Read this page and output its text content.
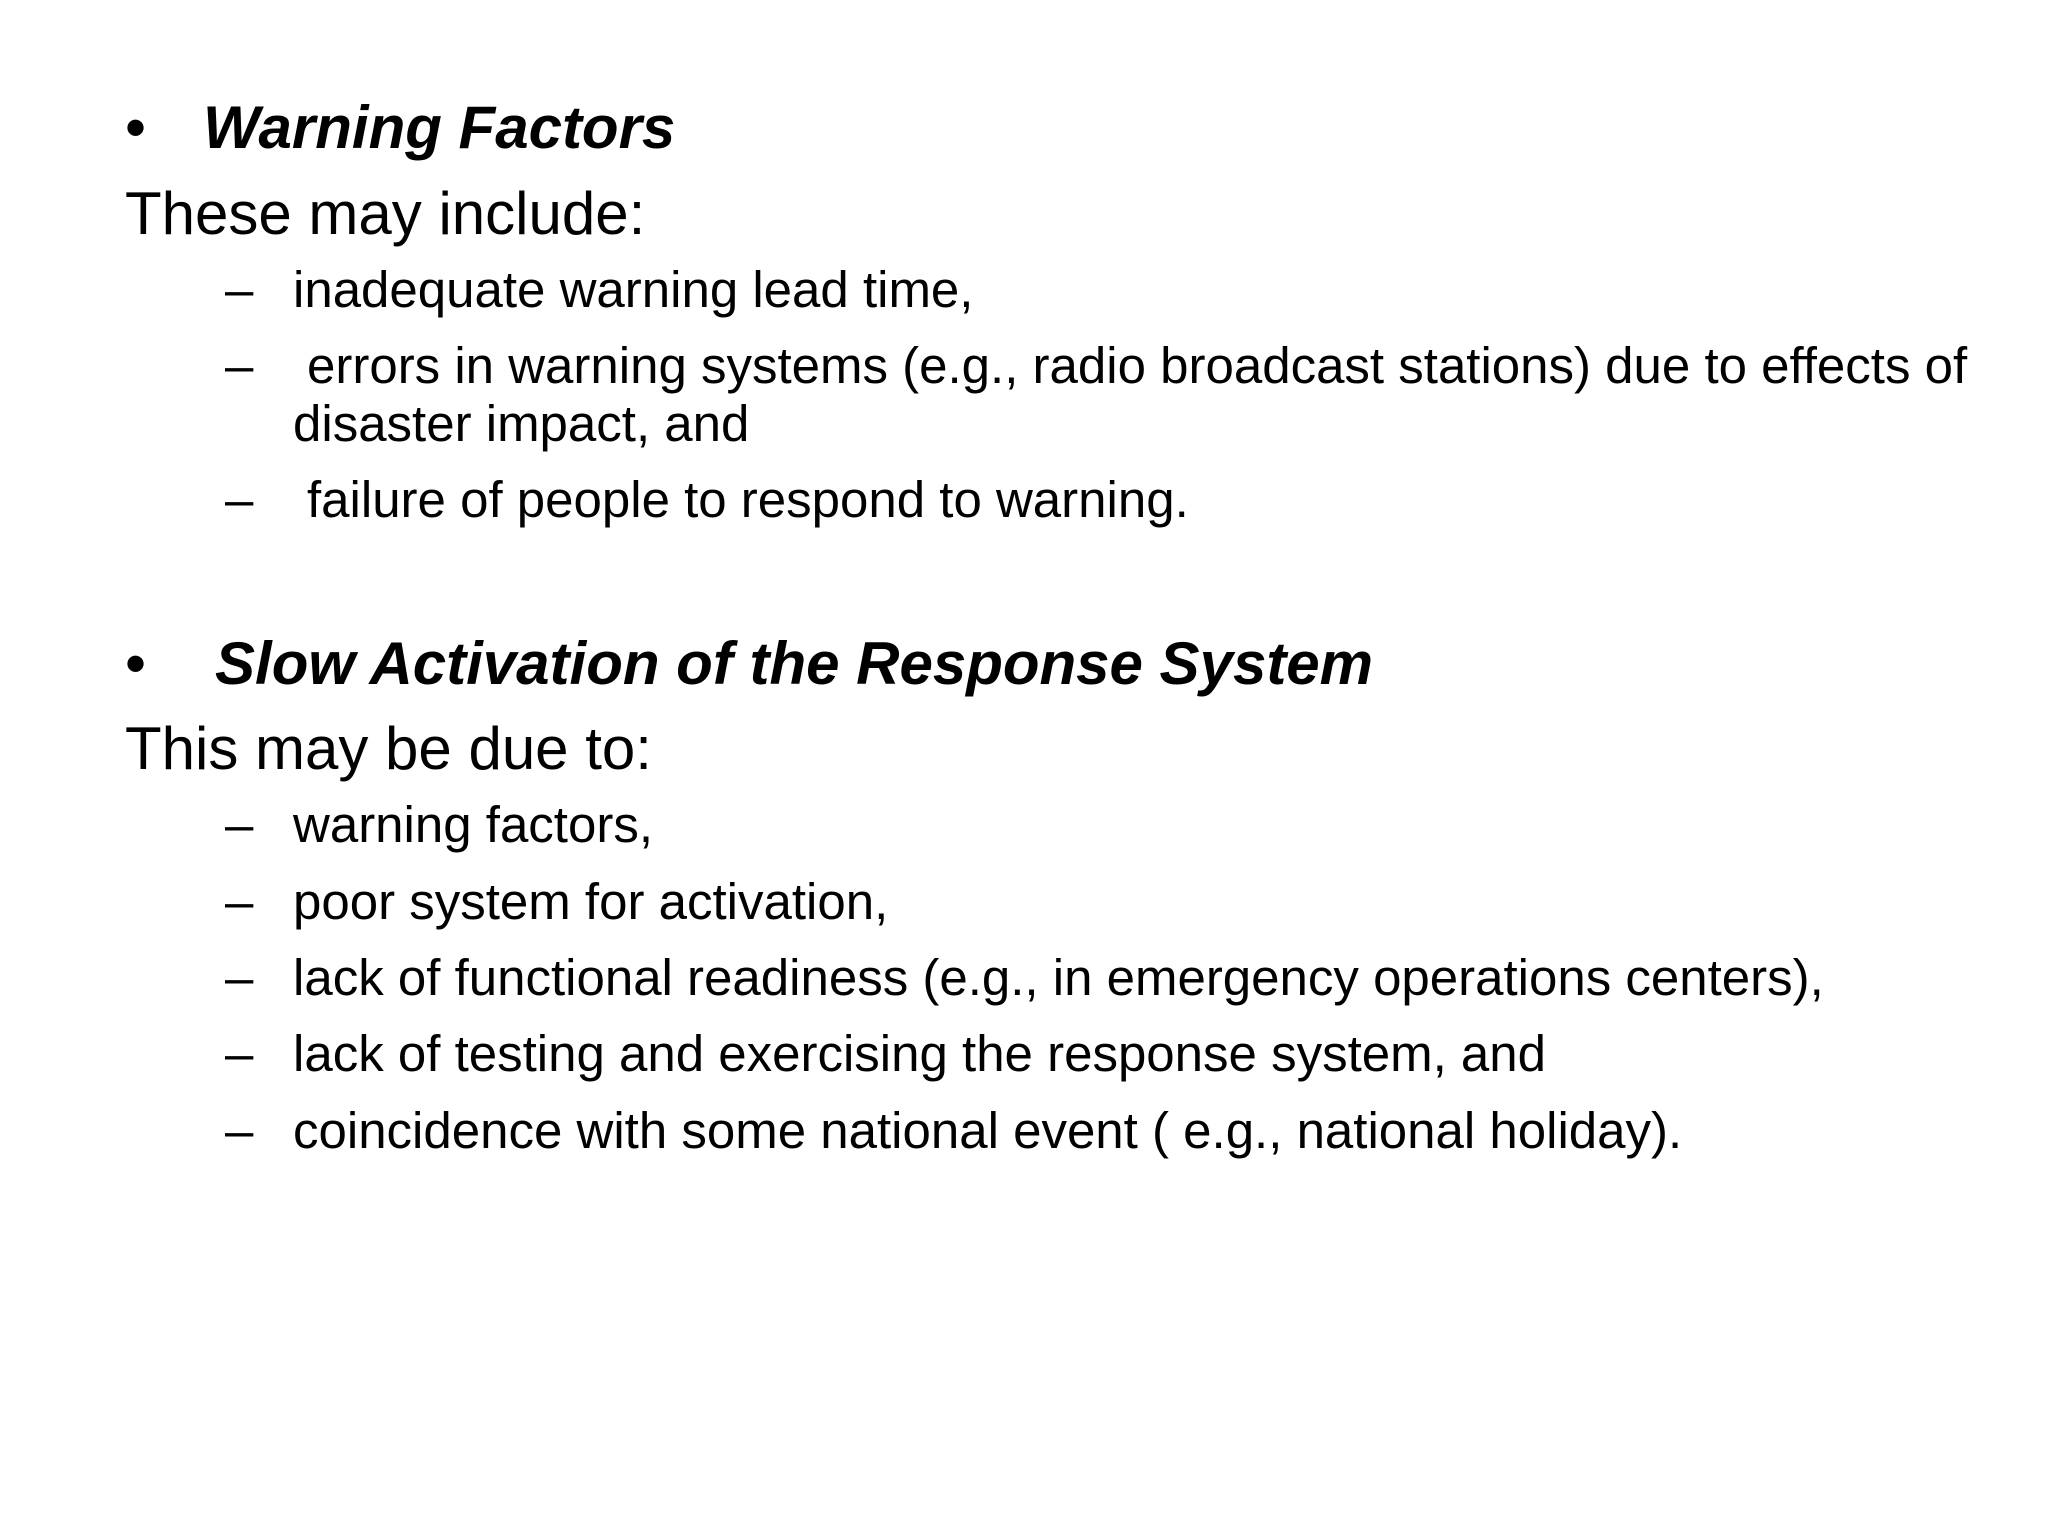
• Warning Factors
These may include:
– inadequate warning lead time,
– errors in warning systems (e.g., radio broadcast stations) due to effects of disaster impact, and
– failure of people to respond to warning.
• Slow Activation of the Response System
This may be due to:
– warning factors,
– poor system for activation,
– lack of functional readiness (e.g., in emergency operations centers),
– lack of testing and exercising the response system, and
– coincidence with some national event ( e.g., national holiday).
